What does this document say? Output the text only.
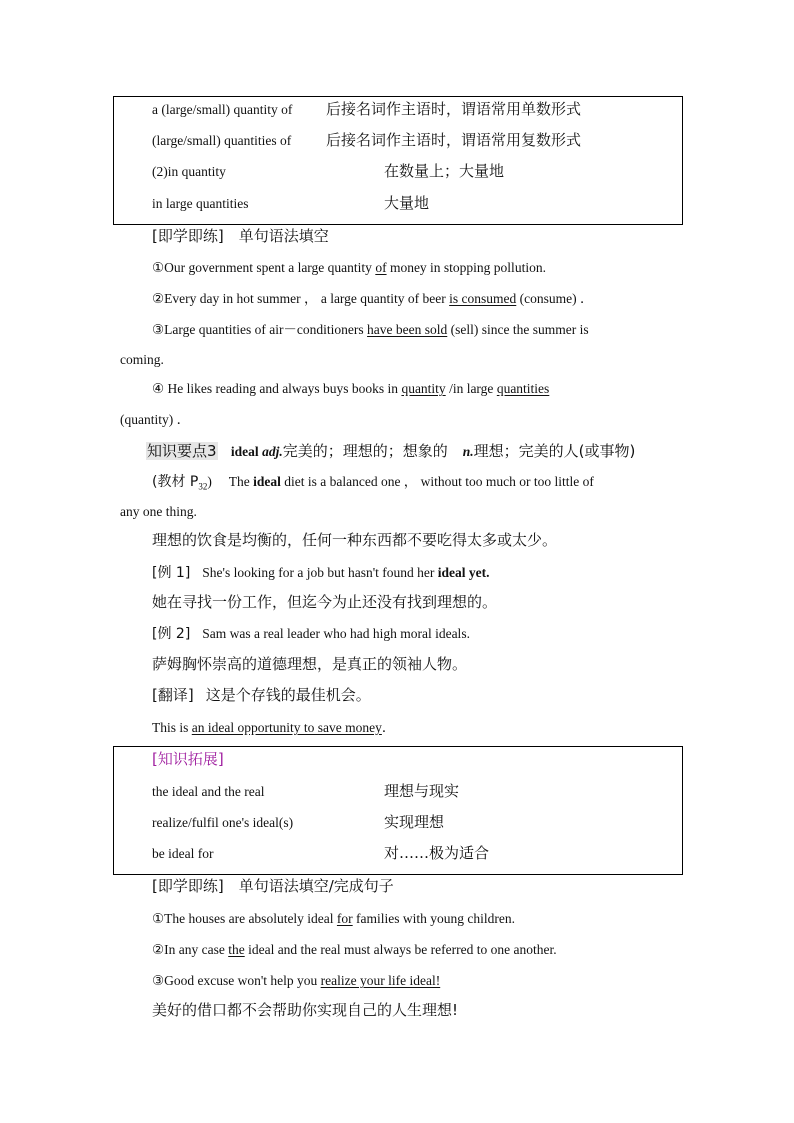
a (large/small) quantity of 后接名词作主语时，谓语常用单数形式
(large/small) quantities of 后接名词作主语时，谓语常用复数形式
(2)in quantity	在数量上；大量地
in large quantities	大量地
[即学即练]　单句语法填空
①Our government spent a large quantity of money in stopping pollution.
②Every day in hot summer ， a large quantity of beer is consumed (consume) ．
③Large quantities of air－conditioners have been sold (sell) since the summer is
coming.
④ He likes reading and always buys books in quantity /in large quantities
(quantity) ．
知识要点3 ideal adj.完美的；理想的；想象的　n.理想；完美的人(或事物)
(教材 $P_{32}$)　 The ideal diet is a balanced one ， without too much or too little of
any one thing.
理想的饮食是均衡的，任何一种东西都不要吃得太多或太少。
[例 1] She's looking for a job but hasn't found her ideal yet.
她在寻找一份工作，但迄今为止还没有找到理想的。
[例 2] Sam was a real leader who had high moral ideals.
萨姆胸怀崇高的道德理想，是真正的领袖人物。
[翻译] 这是个存钱的最佳机会。
This is an ideal opportunity to save money．
[知识拓展]
the ideal and the real	理想与现实
realize/fulfil one's ideal(s)	实现理想
be ideal for	对……极为适合
[即学即练]　单句语法填空/完成句子
①The houses are absolutely ideal for families with young children.
②In any case the ideal and the real must always be referred to one another.
③Good excuse won't help you realize your life ideal!
美好的借口都不会帮助你实现自己的人生理想!
